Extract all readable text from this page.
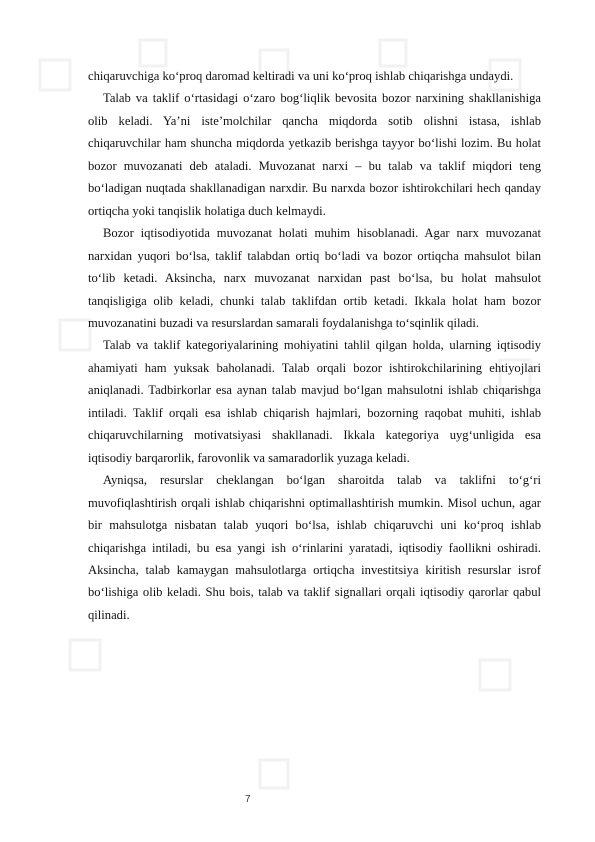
chiqaruvchiga ko‘proq daromad keltiradi va uni ko‘proq ishlab chiqarishga undaydi.

Talab va taklif o‘rtasidagi o‘zaro bog‘liqlik bevosita bozor narxining shakllanishiga olib keladi. Ya’ni iste’molchilar qancha miqdorda sotib olishni istasa, ishlab chiqaruvchilar ham shuncha miqdorda yetkazib berishga tayyor bo‘lishi lozim. Bu holat bozor muvozanati deb ataladi. Muvozanat narxi – bu talab va taklif miqdori teng bo‘ladigan nuqtada shakllanadigan narxdir. Bu narxda bozor ishtirokchilari hech qanday ortiqcha yoki tanqislik holatiga duch kelmaydi.

Bozor iqtisodiyotida muvozanat holati muhim hisoblanadi. Agar narx muvozanat narxidan yuqori bo‘lsa, taklif talabdan ortiq bo‘ladi va bozor ortiqcha mahsulot bilan to‘lib ketadi. Aksincha, narx muvozanat narxidan past bo‘lsa, bu holat mahsulot tanqisligiga olib keladi, chunki talab taklifdan ortib ketadi. Ikkala holat ham bozor muvozanatini buzadi va resurslardan samarali foydalanishga to‘sqinlik qiladi.

Talab va taklif kategoriyalarining mohiyatini tahlil qilgan holda, ularning iqtisodiy ahamiyati ham yuksak baholanadi. Talab orqali bozor ishtirokchilarining ehtiyojlari aniqlanadi. Tadbirkorlar esa aynan talab mavjud bo‘lgan mahsulotni ishlab chiqarishga intiladi. Taklif orqali esa ishlab chiqarish hajmlari, bozorning raqobat muhiti, ishlab chiqaruvchilarning motivatsiyasi shakllanadi. Ikkala kategoriya uyg‘unligida esa iqtisodiy barqarorlik, farovonlik va samaradorlik yuzaga keladi.

Ayniqsa, resurslar cheklangan bo‘lgan sharoitda talab va taklifni to‘g‘ri muvofiqlashtirish orqali ishlab chiqarishni optimallashtirish mumkin. Misol uchun, agar bir mahsulotga nisbatan talab yuqori bo‘lsa, ishlab chiqaruvchi uni ko‘proq ishlab chiqarishga intiladi, bu esa yangi ish o‘rinlarini yaratadi, iqtisodiy faollikni oshiradi. Aksincha, talab kamaygan mahsulotlarga ortiqcha investitsiya kiritish resurslar isrof bo‘lishiga olib keladi. Shu bois, talab va taklif signallari orqali iqtisodiy qarorlar qabul qilinadi.

7
